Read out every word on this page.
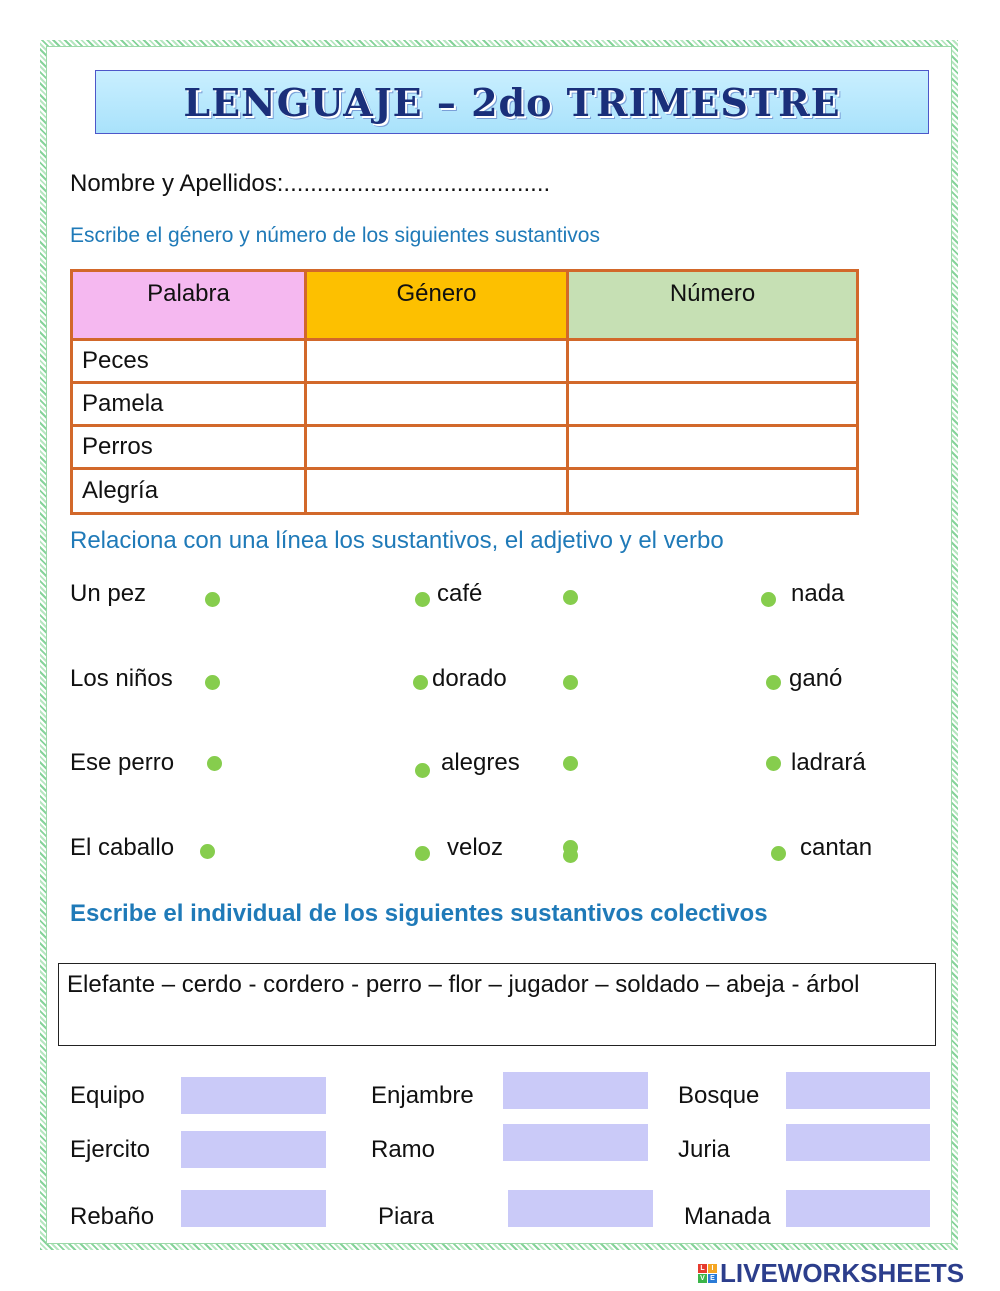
LENGUAJE – 2do TRIMESTRE
Nombre y Apellidos:........................................
Escribe el género y número de los siguientes sustantivos
Palabra	Género	Número
Peces		
Pamela		
Perros		
Alegría		
Relaciona con una línea los sustantivos, el adjetivo y el verbo
Un pez
Los niños
Ese perro
El caballo
café
dorado
alegres
veloz
nada
ganó
ladrará
cantan
Escribe el individual de los siguientes sustantivos colectivos
Elefante – cerdo - cordero - perro – flor – jugador – soldado – abeja - árbol
Equipo	Enjambre	Bosque
Ejercito	Ramo	Juria
Rebaño	Piara	Manada
L I
V E LIVEWORKSHEETS
